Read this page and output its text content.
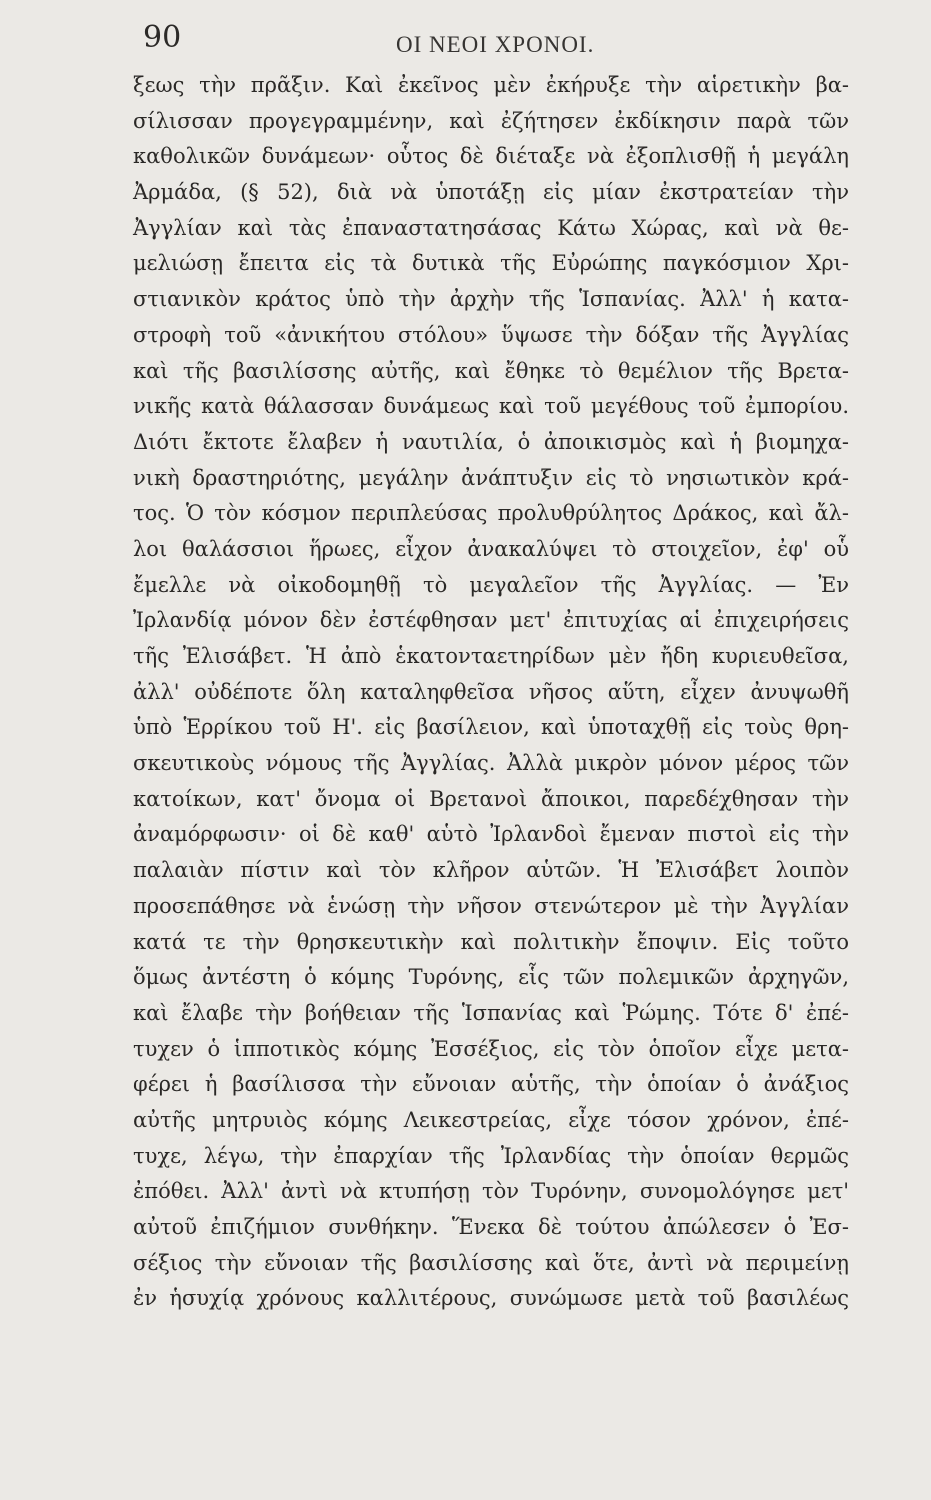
90	ΟΙ ΝΕΟΙ ΧΡΟΝΟΙ.
ξεως τὴν πρᾶξιν. Καὶ ἐκεῖνος μὲν ἐκήρυξε τὴν αἱρετικὴν βα-
σίλισσαν προγεγραμμένην, καὶ ἐζήτησεν ἐκδίκησιν παρὰ τῶν
καθολικῶν δυνάμεων· οὗτος δὲ διέταξε νὰ ἐξοπλισθῇ ἡ μεγάλη
Ἀρμάδα, (§ 52), διὰ νὰ ὑποτάξῃ εἰς μίαν ἐκστρατείαν τὴν
Ἀγγλίαν καὶ τὰς ἐπαναστατησάσας Κάτω Χώρας, καὶ νὰ θε-
μελιώσῃ ἔπειτα εἰς τὰ δυτικὰ τῆς Εὐρώπης παγκόσμιον Χρι-
στιανικὸν κράτος ὑπὸ τὴν ἀρχὴν τῆς Ἱσπανίας. Ἀλλ' ἡ κατα-
στροφὴ τοῦ «ἀνικήτου στόλου» ὕψωσε τὴν δόξαν τῆς Ἀγγλίας
καὶ τῆς βασιλίσσης αὐτῆς, καὶ ἔθηκε τὸ θεμέλιον τῆς Βρετα-
νικῆς κατὰ θάλασσαν δυνάμεως καὶ τοῦ μεγέθους τοῦ ἐμπορίου.
Διότι ἔκτοτε ἔλαβεν ἡ ναυτιλία, ὁ ἀποικισμὸς καὶ ἡ βιομηχα-
νικὴ δραστηριότης, μεγάλην ἀνάπτυξιν εἰς τὸ νησιωτικὸν κρά-
τος. Ὁ τὸν κόσμον περιπλεύσας προλυθρύλητος Δράκος, καὶ ἄλ-
λοι θαλάσσιοι ἥρωες, εἶχον ἀνακαλύψει τὸ στοιχεῖον, ἐφ' οὗ
ἔμελλε νὰ οἰκοδομηθῇ τὸ μεγαλεῖον τῆς Ἀγγλίας. — Ἐν
Ἰρλανδίᾳ μόνον δὲν ἐστέφθησαν μετ' ἐπιτυχίας αἱ ἐπιχειρήσεις
τῆς Ἐλισάβετ. Ἡ ἀπὸ ἑκατονταετηρίδων μὲν ἤδη κυριευθεῖσα,
ἀλλ' οὐδέποτε ὅλη καταληφθεῖσα νῆσος αὕτη, εἶχεν ἀνυψωθῆ
ὑπὸ Ἑρρίκου τοῦ Η'. εἰς βασίλειον, καὶ ὑποταχθῇ εἰς τοὺς θρη-
σκευτικοὺς νόμους τῆς Ἀγγλίας. Ἀλλὰ μικρὸν μόνον μέρος τῶν
κατοίκων, κατ' ὄνομα οἱ Βρετανοὶ ἄποικοι, παρεδέχθησαν τὴν
ἀναμόρφωσιν· οἱ δὲ καθ' αὑτὸ Ἰρλανδοὶ ἔμεναν πιστοὶ εἰς τὴν
παλαιὰν πίστιν καὶ τὸν κλῆρον αὑτῶν. Ἡ Ἐλισάβετ λοιπὸν
προσεπάθησε νὰ ἑνώσῃ τὴν νῆσον στενώτερον μὲ τὴν Ἀγγλίαν
κατά τε τὴν θρησκευτικὴν καὶ πολιτικὴν ἔποψιν. Εἰς τοῦτο
ὅμως ἀντέστη ὁ κόμης Τυρόνης, εἷς τῶν πολεμικῶν ἀρχηγῶν,
καὶ ἔλαβε τὴν βοήθειαν τῆς Ἱσπανίας καὶ Ῥώμης. Τότε δ' ἐπέ-
τυχεν ὁ ἱπποτικὸς κόμης Ἐσσέξιος, εἰς τὸν ὁποῖον εἶχε μετα-
φέρει ἡ βασίλισσα τὴν εὔνοιαν αὑτῆς, τὴν ὁποίαν ὁ ἀνάξιος
αὐτῆς μητρυιὸς κόμης Λεικεστρείας, εἶχε τόσον χρόνον, ἐπέ-
τυχε, λέγω, τὴν ἐπαρχίαν τῆς Ἰρλανδίας τὴν ὁποίαν θερμῶς
ἐπόθει. Ἀλλ' ἀντὶ νὰ κτυπήσῃ τὸν Τυρόνην, συνομολόγησε μετ'
αὐτοῦ ἐπιζήμιον συνθήκην. Ἕνεκα δὲ τούτου ἀπώλεσεν ὁ Ἐσ-
σέξιος τὴν εὔνοιαν τῆς βασιλίσσης καὶ ὅτε, ἀντὶ νὰ περιμείνῃ
ἐν ἡσυχίᾳ χρόνους καλλιτέρους, συνώμωσε μετὰ τοῦ βασιλέως
